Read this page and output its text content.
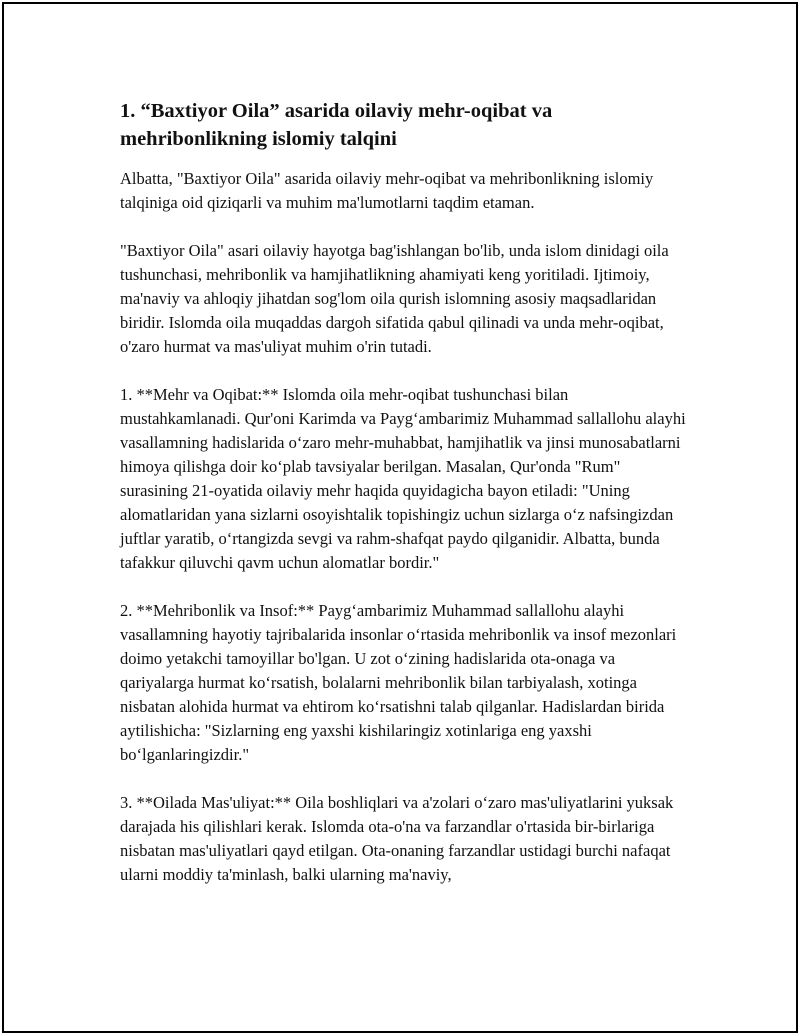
1. “Baxtiyor Oila” asarida oilaviy mehr-oqibat va mehribonlikning islomiy talqini

Albatta, "Baxtiyor Oila" asarida oilaviy mehr-oqibat va mehribonlikning islomiy talqiniga oid qiziqarli va muhim ma'lumotlarni taqdim etaman.

"Baxtiyor Oila" asari oilaviy hayotga bag'ishlangan bo'lib, unda islom dinidagi oila tushunchasi, mehribonlik va hamjihatlikning ahamiyati keng yoritiladi. Ijtimoiy, ma'naviy va ahloqiy jihatdan sog'lom oila qurish islomning asosiy maqsadlaridan biridir. Islomda oila muqaddas dargoh sifatida qabul qilinadi va unda mehr-oqibat, o'zaro hurmat va mas'uliyat muhim o'rin tutadi.

1. **Mehr va Oqibat:** Islomda oila mehr-oqibat tushunchasi bilan mustahkamlanadi. Qur'oni Karimda va Payg‘ambarimiz Muhammad sallallohu alayhi vasallamning hadislarida o‘zaro mehr-muhabbat, hamjihatlik va jinsi munosabatlarni himoya qilishga doir ko‘plab tavsiyalar berilgan. Masalan, Qur'onda "Rum" surasining 21-oyatida oilaviy mehr haqida quyidagicha bayon etiladi: "Uning alomatlaridan yana sizlarni osoyishtalik topishingiz uchun sizlarga o‘z nafsingizdan juftlar yaratib, o‘rtangizda sevgi va rahm-shafqat paydo qilganidir. Albatta, bunda tafakkur qiluvchi qavm uchun alomatlar bordir."

2. **Mehribonlik va Insof:** Payg‘ambarimiz Muhammad sallallohu alayhi vasallamning hayotiy tajribalarida insonlar o‘rtasida mehribonlik va insof mezonlari doimo yetakchi tamoyillar bo'lgan. U zot o‘zining hadislarida ota-onaga va qariyalarga hurmat ko‘rsatish, bolalarni mehribonlik bilan tarbiyalash, xotinga nisbatan alohida hurmat va ehtirom ko‘rsatishni talab qilganlar. Hadislardan birida aytilishicha: "Sizlarning eng yaxshi kishilaringiz xotinlariga eng yaxshi bo‘lganlaringizdir."

3. **Oilada Mas'uliyat:** Oila boshliqlari va a'zolari o‘zaro mas'uliyatlarini yuksak darajada his qilishlari kerak. Islomda ota-o'na va farzandlar o'rtasida bir-birlariga nisbatan mas'uliyatlari qayd etilgan. Ota-onaning farzandlar ustidagi burchi nafaqat ularni moddiy ta'minlash, balki ularning ma'naviy,
